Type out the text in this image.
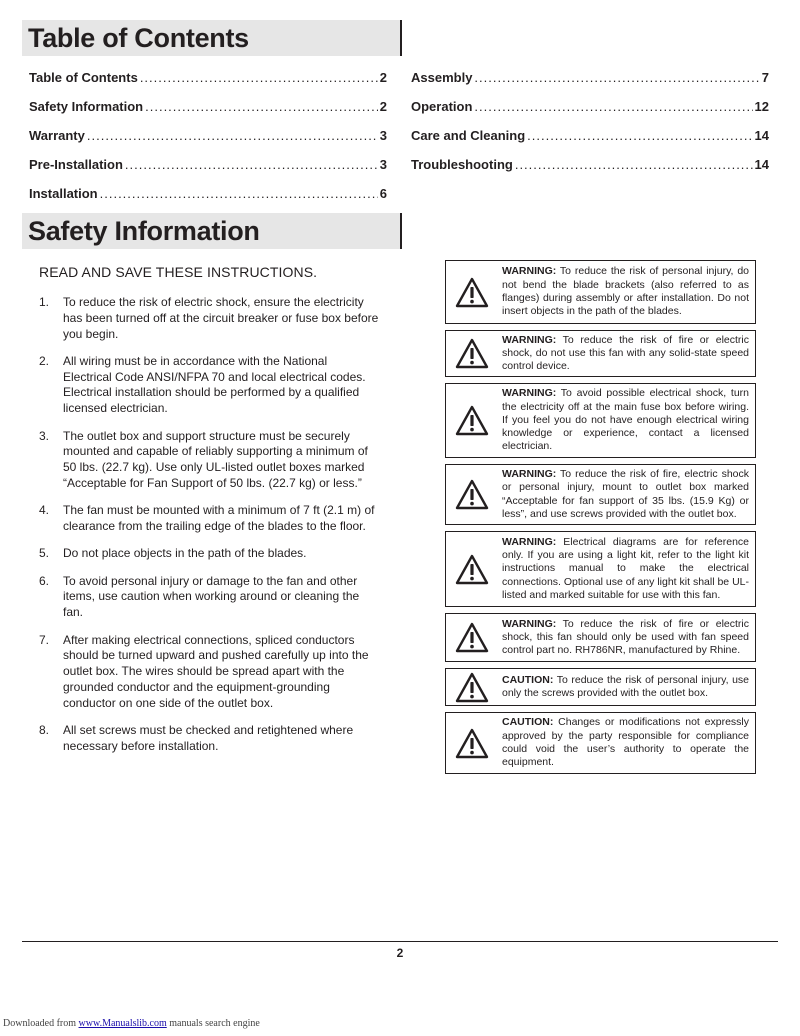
Table of Contents
Table of Contents .....	2
Safety Information .....	2
Warranty .....	3
Pre-Installation .....	3
Installation .....	6
Assembly .....	7
Operation .....	12
Care and Cleaning .....	14
Troubleshooting .....	14
Safety Information
READ AND SAVE THESE INSTRUCTIONS.
1.	To reduce the risk of electric shock, ensure the electricity has been turned off at the circuit breaker or fuse box before you begin.
2.	All wiring must be in accordance with the National Electrical Code ANSI/NFPA 70 and local electrical codes. Electrical installation should be performed by a qualified licensed electrician.
3.	The outlet box and support structure must be securely mounted and capable of reliably supporting a minimum of 50 lbs. (22.7 kg). Use only UL-listed outlet boxes marked “Acceptable for Fan Support of 50 lbs. (22.7 kg) or less.”
4.	The fan must be mounted with a minimum of 7 ft (2.1 m) of clearance from the trailing edge of the blades to the floor.
5.	Do not place objects in the path of the blades.
6.	To avoid personal injury or damage to the fan and other items, use caution when working around or cleaning the fan.
7.	After making electrical connections, spliced conductors should be turned upward and pushed carefully up into the outlet box. The wires should be spread apart with the grounded conductor and the equipment-grounding conductor on one side of the outlet box.
8.	All set screws must be checked and retightened where necessary before installation.
WARNING: To reduce the risk of personal injury, do not bend the blade brackets (also referred to as flanges) during assembly or after installation. Do not insert objects in the path of the blades.
WARNING: To reduce the risk of fire or electric shock, do not use this fan with any solid-state speed control device.
WARNING: To avoid possible electrical shock, turn the electricity off at the main fuse box before wiring. If you feel you do not have enough electrical wiring knowledge or experience, contact a licensed electrician.
WARNING: To reduce the risk of fire, electric shock or personal injury, mount to outlet box marked “Acceptable for fan support of 35 lbs. (15.9 Kg) or less”, and use screws provided with the outlet box.
WARNING: Electrical diagrams are for reference only. If you are using a light kit, refer to the light kit instructions manual to make the electrical connections. Optional use of any light kit shall be UL-listed and marked suitable for use with this fan.
WARNING: To reduce the risk of fire or electric shock, this fan should only be used with fan speed control part no. RH786NR, manufactured by Rhine.
CAUTION: To reduce the risk of personal injury, use only the screws provided with the outlet box.
CAUTION: Changes or modifications not expressly approved by the party responsible for compliance could void the user’s authority to operate the equipment.
2
Downloaded from www.Manualslib.com manuals search engine
